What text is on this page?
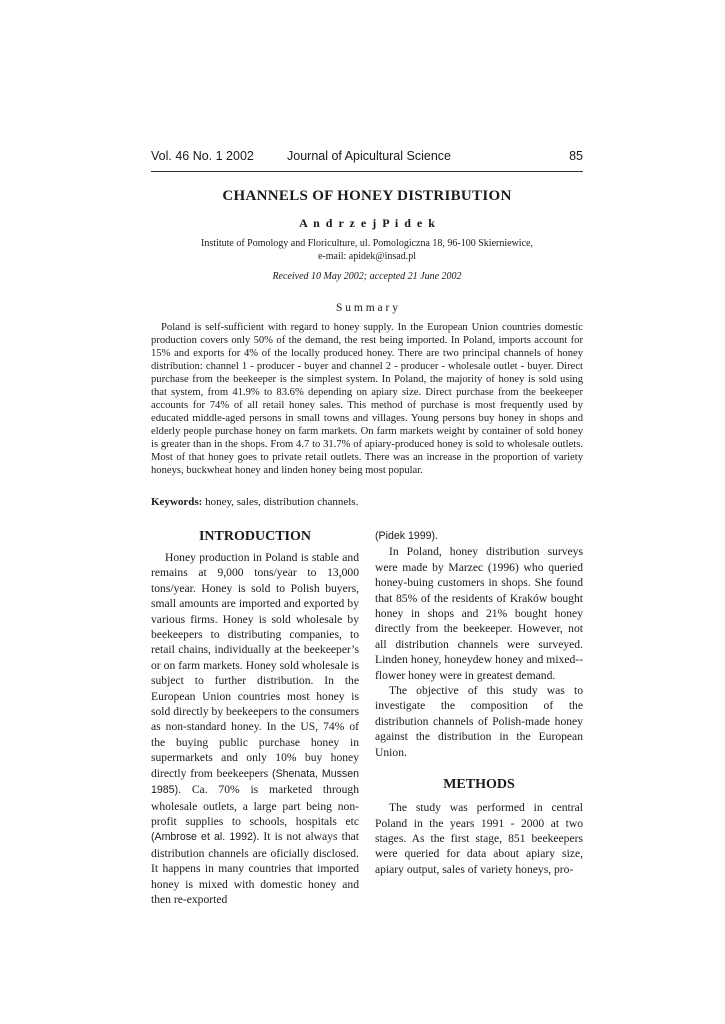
Vol. 46 No. 1 2002	Journal of Apicultural Science	85
CHANNELS OF HONEY DISTRIBUTION
A n d r z e j P i d e k
Institute of Pomology and Floriculture, ul. Pomologiczna 18, 96-100 Skierniewice,
e-mail: apidek@insad.pl
Received 10 May 2002; accepted 21 June 2002
S u m m a r y

Poland is self-sufficient with regard to honey supply. In the European Union countries domestic production covers only 50% of the demand, the rest being imported. In Poland, imports account for 15% and exports for 4% of the locally produced honey. There are two principal channels of honey distribution: channel 1 - producer - buyer and channel 2 - producer - wholesale outlet - buyer. Direct purchase from the beekeeper is the simplest system. In Poland, the majority of honey is sold using that system, from 41.9% to 83.6% depending on apiary size. Direct purchase from the beekeeper accounts for 74% of all retail honey sales. This method of purchase is most frequently used by educated middle-aged persons in small towns and villages. Young persons buy honey in shops and elderly people purchase honey on farm markets. On farm markets weight by container of sold honey is greater than in the shops. From 4.7 to 31.7% of apiary-produced honey is sold to wholesale outlets. Most of that honey goes to private retail outlets. There was an increase in the proportion of variety honeys, buckwheat honey and linden honey being most popular.

Keywords: honey, sales, distribution channels.
INTRODUCTION

Honey production in Poland is stable and remains at 9,000 tons/year to 13,000 tons/year. Honey is sold to Polish buyers, small amounts are imported and exported by various firms. Honey is sold wholesale by beekeepers to distributing companies, to retail chains, individually at the beekeeper’s or on farm markets. Honey sold wholesale is subject to further distribution. In the European Union countries most honey is sold directly by beekeepers to the consumers as non-standard honey. In the US, 74% of the buying public purchase honey in supermarkets and only 10% buy honey directly from beekeepers (Shenata, Mussen 1985). Ca. 70% is marketed through wholesale outlets, a large part being non-profit supplies to schools, hospitals etc (Ambrose et al. 1992). It is not always that distribution channels are oficially disclosed. It happens in many countries that imported honey is mixed with domestic honey and then re-exported

(Pidek 1999).

In Poland, honey distribution surveys were made by Marzec (1996) who queried honey-buing customers in shops. She found that 85% of the residents of Kraków bought honey in shops and 21% bought honey directly from the beekeeper. However, not all distribution channels were surveyed. Linden honey, honeydew honey and mixed--flower honey were in greatest demand.

The objective of this study was to investigate the composition of the distribution channels of Polish-made honey against the distribution in the European Union.

METHODS

The study was performed in central Poland in the years 1991 - 2000 at two stages. As the first stage, 851 beekeepers were queried for data about apiary size, apiary output, sales of variety honeys, pro-
